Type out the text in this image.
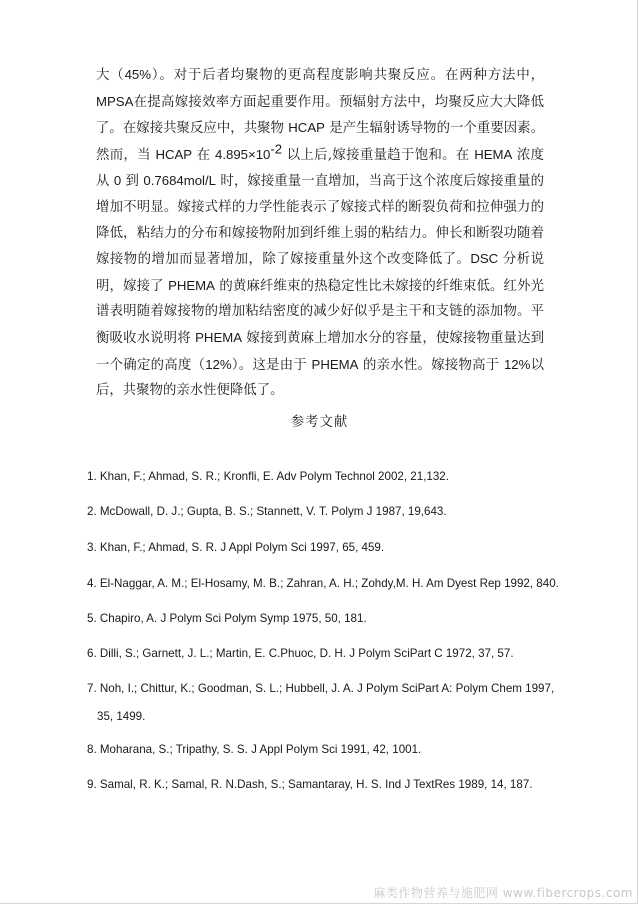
大（45%）。对于后者均聚物的更高程度影响共聚反应。在两种方法中，MPSA在提高嫁接效率方面起重要作用。预辐射方法中，均聚反应大大降低了。在嫁接共聚反应中，共聚物 HCAP 是产生辐射诱导物的一个重要因素。然而，当 HCAP 在 $4.895\times 10^{-2}$ 以上后,嫁接重量趋于饱和。在 HEMA 浓度从 0 到 0.7684mol/L 时，嫁接重量一直增加，当高于这个浓度后嫁接重量的增加不明显。嫁接式样的力学性能表示了嫁接式样的断裂负荷和拉伸强力的降低，粘结力的分布和嫁接物附加到纤维上弱的粘结力。伸长和断裂功随着嫁接物的增加而显著增加，除了嫁接重量外这个改变降低了。DSC 分析说明，嫁接了 PHEMA 的黄麻纤维束的热稳定性比未嫁接的纤维束低。红外光谱表明随着嫁接物的增加粘结密度的减少好似乎是主干和支链的添加物。平衡吸收水说明将 PHEMA 嫁接到黄麻上增加水分的容量，使嫁接物重量达到一个确定的高度（12%）。这是由于 PHEMA 的亲水性。嫁接物高于 12%以后，共聚物的亲水性便降低了。

参考文献
1. Khan, F.; Ahmad, S. R.; Kronfli, E. Adv Polym Technol 2002, 21,132.
2. McDowall, D. J.; Gupta, B. S.; Stannett, V. T. Polym J 1987, 19,643.
3. Khan, F.; Ahmad, S. R. J Appl Polym Sci 1997, 65, 459.
4. El-Naggar, A. M.; El-Hosamy, M. B.; Zahran, A. H.; Zohdy,M. H. Am Dyest Rep 1992, 840.
5. Chapiro, A. J Polym Sci Polym Symp 1975, 50, 181.
6. Dilli, S.; Garnett, J. L.; Martin, E. C.Phuoc, D. H. J Polym SciPart C 1972, 37, 57.
7. Noh, I.; Chittur, K.; Goodman, S. L.; Hubbell, J. A. J Polym SciPart A: Polym Chem 1997,
35, 1499.
8. Moharana, S.; Tripathy, S. S. J Appl Polym Sci 1991, 42, 1001.
9. Samal, R. K.; Samal, R. N.Dash, S.; Samantaray, H. S. Ind J TextRes 1989, 14, 187.
麻类作物营养与施肥网 www.fibercrops.com
